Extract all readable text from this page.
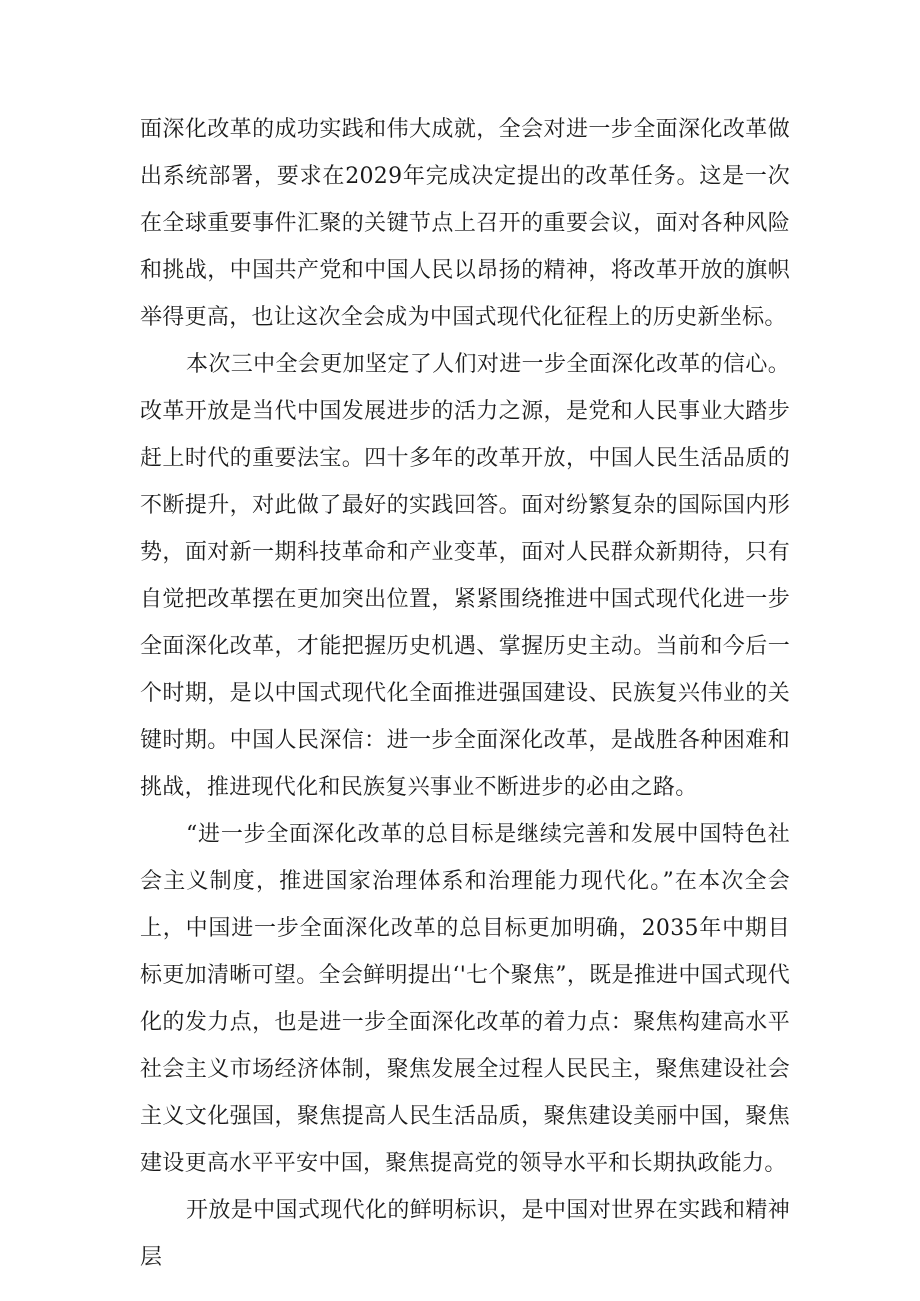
面深化改革的成功实践和伟大成就，全会对进一步全面深化改革做出系统部署，要求在2029年完成决定提出的改革任务。这是一次在全球重要事件汇聚的关键节点上召开的重要会议，面对各种风险和挑战，中国共产党和中国人民以昂扬的精神，将改革开放的旗帜举得更高，也让这次全会成为中国式现代化征程上的历史新坐标。

本次三中全会更加坚定了人们对进一步全面深化改革的信心。改革开放是当代中国发展进步的活力之源，是党和人民事业大踏步赶上时代的重要法宝。四十多年的改革开放，中国人民生活品质的不断提升，对此做了最好的实践回答。面对纷繁复杂的国际国内形势，面对新一期科技革命和产业变革，面对人民群众新期待，只有自觉把改革摆在更加突出位置，紧紧围绕推进中国式现代化进一步全面深化改革，才能把握历史机遇、掌握历史主动。当前和今后一个时期，是以中国式现代化全面推进强国建设、民族复兴伟业的关键时期。中国人民深信：进一步全面深化改革，是战胜各种困难和挑战，推进现代化和民族复兴事业不断进步的必由之路。

“进一步全面深化改革的总目标是继续完善和发展中国特色社会主义制度，推进国家治理体系和治理能力现代化。”在本次全会上，中国进一步全面深化改革的总目标更加明确，2035年中期目标更加清晰可望。全会鲜明提出‘'七个聚焦”，既是推进中国式现代化的发力点，也是进一步全面深化改革的着力点：聚焦构建高水平社会主义市场经济体制，聚焦发展全过程人民民主，聚焦建设社会主义文化强国，聚焦提高人民生活品质，聚焦建设美丽中国，聚焦建设更高水平平安中国，聚焦提高党的领导水平和长期执政能力。

开放是中国式现代化的鲜明标识，是中国对世界在实践和精神层
